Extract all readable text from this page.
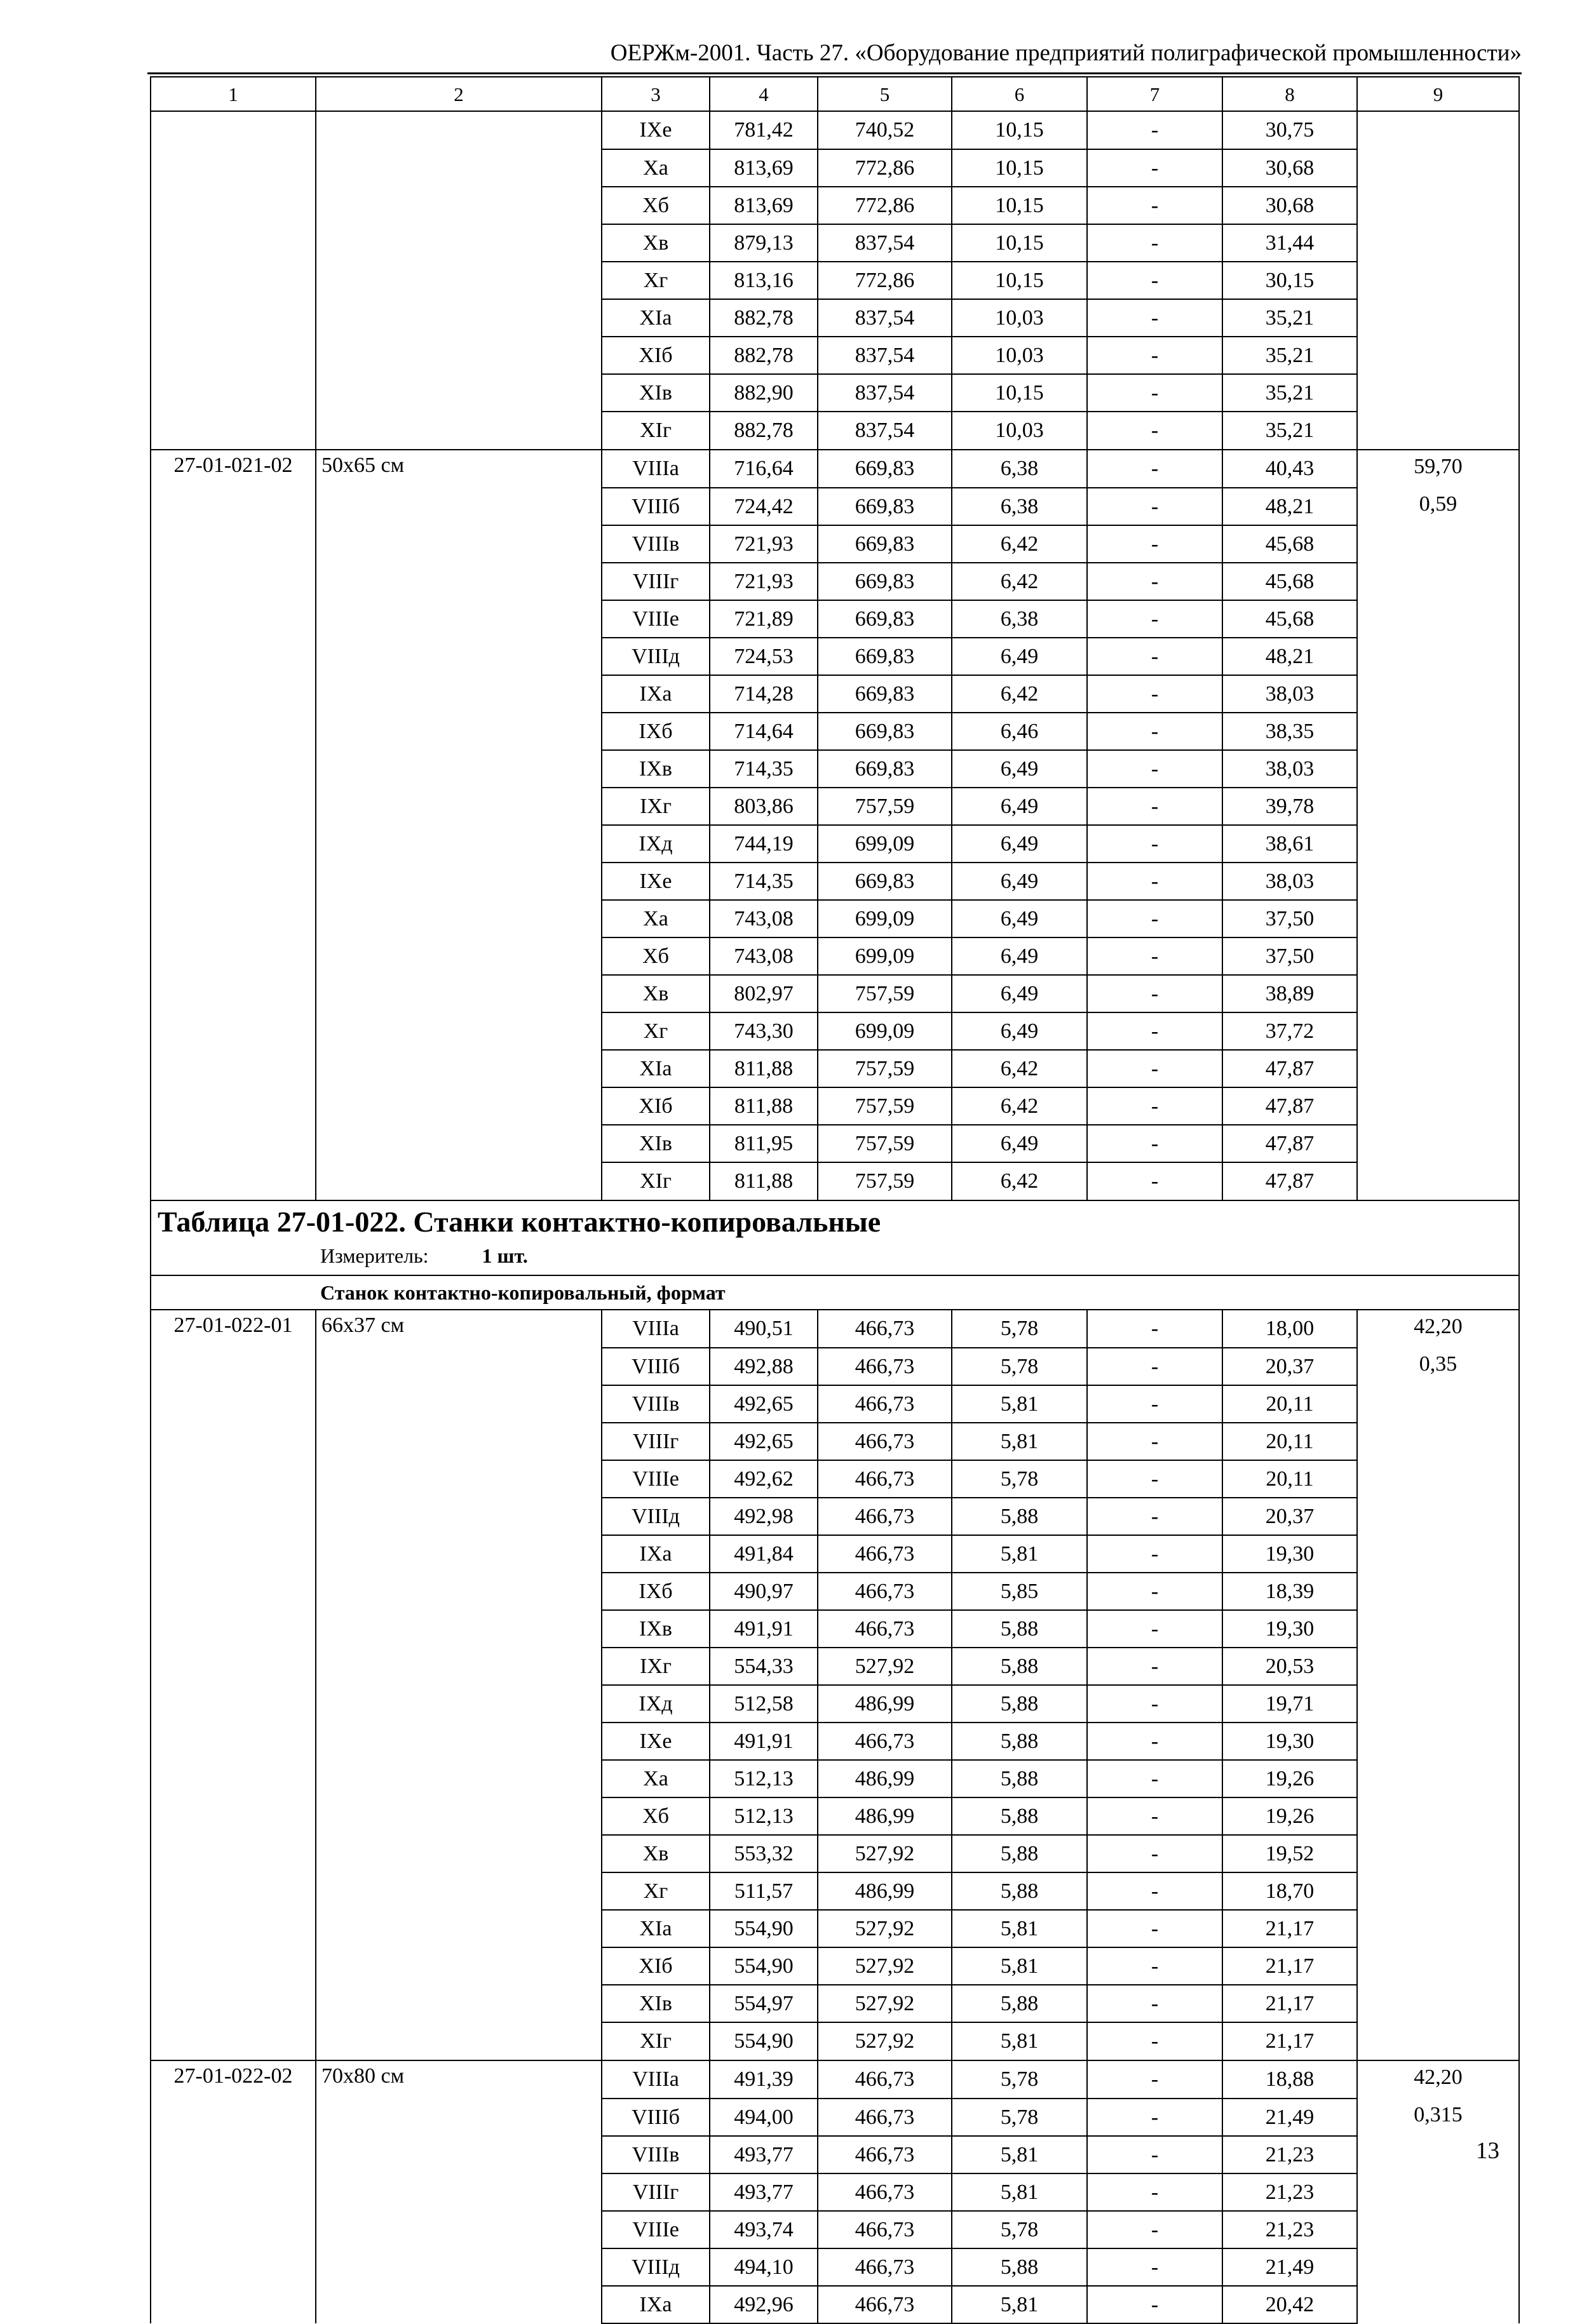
ОЕРЖм-2001. Часть 27. «Оборудование предприятий полиграфической промышленности»
1	2	3	4	5	6	7	8	9
		IXе	781,42	740,52	10,15	-	30,75	
		Xа	813,69	772,86	10,15	-	30,68	
		Xб	813,69	772,86	10,15	-	30,68	
		Xв	879,13	837,54	10,15	-	31,44	
		Xг	813,16	772,86	10,15	-	30,15	
		XIа	882,78	837,54	10,03	-	35,21	
		XIб	882,78	837,54	10,03	-	35,21	
		XIв	882,90	837,54	10,15	-	35,21	
		XIг	882,78	837,54	10,03	-	35,21	
27-01-021-02	50х65 см	VIIIа	716,64	669,83	6,38	-	40,43	59,70

		VIIIб	724,42	669,83	6,38	-	48,21	0,59

		VIIIв	721,93	669,83	6,42	-	45,68	
		VIIIг	721,93	669,83	6,42	-	45,68	
		VIIIе	721,89	669,83	6,38	-	45,68	
		VIIIд	724,53	669,83	6,49	-	48,21	
		IXа	714,28	669,83	6,42	-	38,03	
		IXб	714,64	669,83	6,46	-	38,35	
		IXв	714,35	669,83	6,49	-	38,03	
		IXг	803,86	757,59	6,49	-	39,78	
		IXд	744,19	699,09	6,49	-	38,61	
		IXе	714,35	669,83	6,49	-	38,03	
		Xа	743,08	699,09	6,49	-	37,50	
		Xб	743,08	699,09	6,49	-	37,50	
		Xв	802,97	757,59	6,49	-	38,89	
		Xг	743,30	699,09	6,49	-	37,72	
		XIа	811,88	757,59	6,42	-	47,87	
		XIб	811,88	757,59	6,42	-	47,87	
		XIв	811,95	757,59	6,49	-	47,87	
		XIг	811,88	757,59	6,42	-	47,87	

Таблица 27-01-022. Станки контактно-копировальные
Измеритель: 1 шт.								

Станок контактно-копировальный, формат								
27-01-022-01	66х37 см	VIIIа	490,51	466,73	5,78	-	18,00	42,20

		VIIIб	492,88	466,73	5,78	-	20,37	0,35

		VIIIв	492,65	466,73	5,81	-	20,11	
		VIIIг	492,65	466,73	5,81	-	20,11	
		VIIIе	492,62	466,73	5,78	-	20,11	
		VIIIд	492,98	466,73	5,88	-	20,37	
		IXа	491,84	466,73	5,81	-	19,30	
		IXб	490,97	466,73	5,85	-	18,39	
		IXв	491,91	466,73	5,88	-	19,30	
		IXг	554,33	527,92	5,88	-	20,53	
		IXд	512,58	486,99	5,88	-	19,71	
		IXе	491,91	466,73	5,88	-	19,30	
		Xа	512,13	486,99	5,88	-	19,26	
		Xб	512,13	486,99	5,88	-	19,26	
		Xв	553,32	527,92	5,88	-	19,52	
		Xг	511,57	486,99	5,88	-	18,70	
		XIа	554,90	527,92	5,81	-	21,17	
		XIб	554,90	527,92	5,81	-	21,17	
		XIв	554,97	527,92	5,88	-	21,17	
		XIг	554,90	527,92	5,81	-	21,17	
27-01-022-02	70х80 см	VIIIа	491,39	466,73	5,78	-	18,88	42,20

		VIIIб	494,00	466,73	5,78	-	21,49	0,315

		VIIIв	493,77	466,73	5,81	-	21,23	
		VIIIг	493,77	466,73	5,81	-	21,23	
		VIIIе	493,74	466,73	5,78	-	21,23	
		VIIIд	494,10	466,73	5,88	-	21,49	
		IXа	492,96	466,73	5,81	-	20,42	
13
